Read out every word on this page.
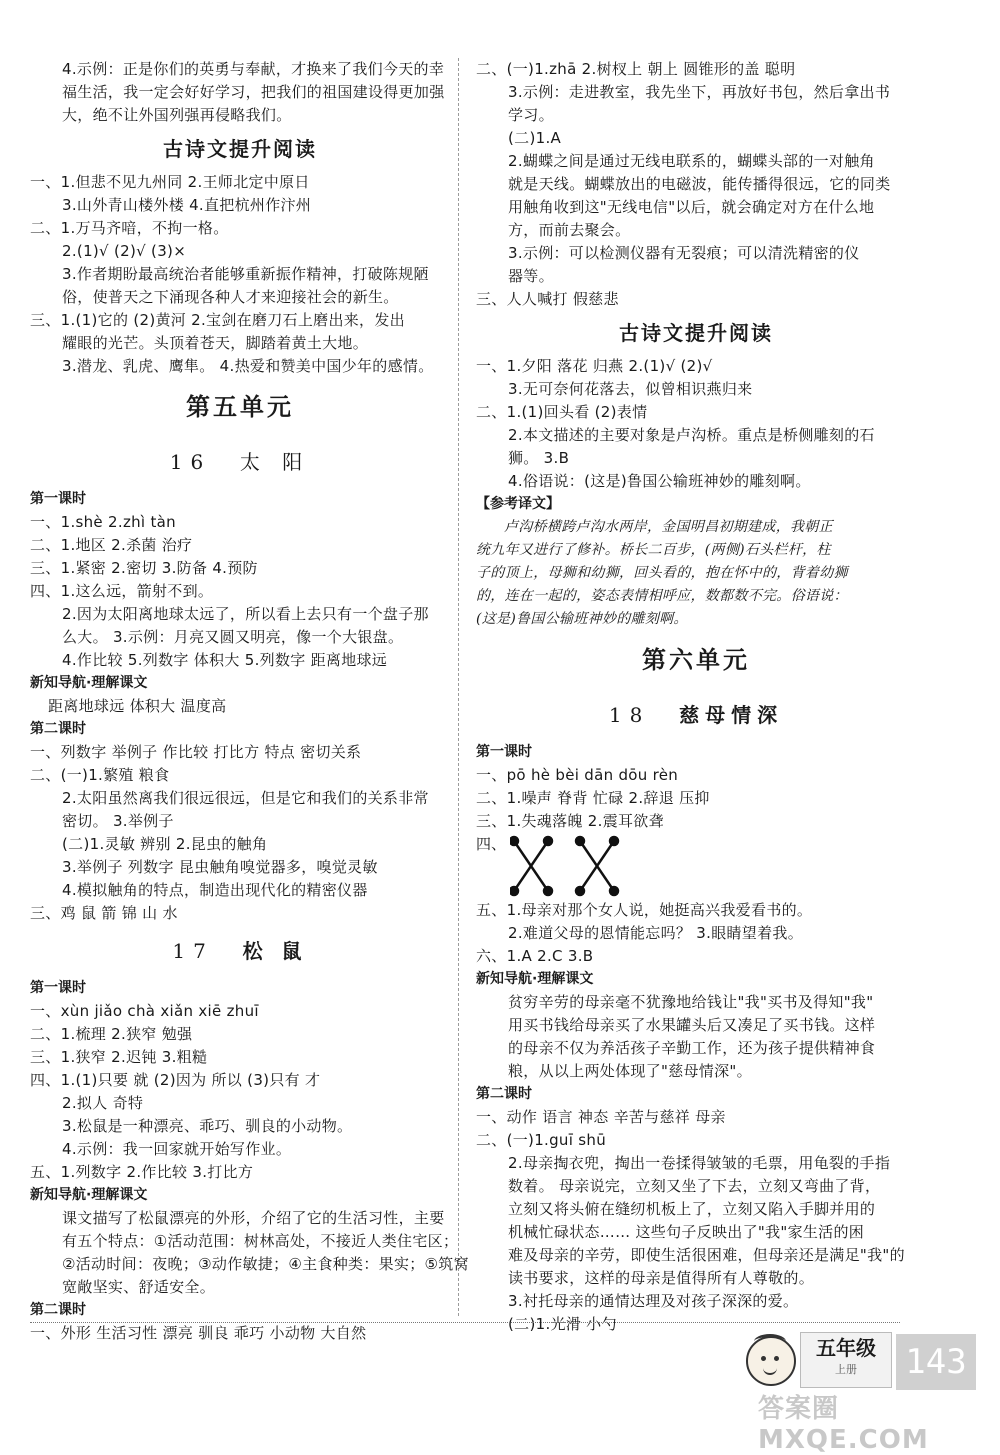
4.示例：正是你们的英勇与奉献，才换来了我们今天的幸
福生活，我一定会好好学习，把我们的祖国建设得更加强
大，绝不让外国列强再侵略我们。
古诗文提升阅读
一、1.但悲不见九州同 2.王师北定中原日
3.山外青山楼外楼 4.直把杭州作汴州
二、1.万马齐喑，不拘一格。
2.(1)√ (2)√ (3)×
3.作者期盼最高统治者能够重新振作精神，打破陈规陋
俗，使普天之下涌现各种人才来迎接社会的新生。
三、1.(1)它的 (2)黄河 2.宝剑在磨刀石上磨出来，发出
耀眼的光芒。头顶着苍天，脚踏着黄土大地。
3.潜龙、乳虎、鹰隼。 4.热爱和赞美中国少年的感情。
第五单元
16 太 阳
第一课时
一、1.shè 2.zhì tàn
二、1.地区 2.杀菌 治疗
三、1.紧密 2.密切 3.防备 4.预防
四、1.这么远，箭射不到。
2.因为太阳离地球太远了，所以看上去只有一个盘子那
么大。 3.示例：月亮又圆又明亮，像一个大银盘。
4.作比较 5.列数字 体积大 5.列数字 距离地球远
新知导航·理解课文
距离地球远 体积大 温度高
第二课时
一、列数字 举例子 作比较 打比方 特点 密切关系
二、(一)1.繁殖 粮食
2.太阳虽然离我们很远很远，但是它和我们的关系非常
密切。 3.举例子
(二)1.灵敏 辨别 2.昆虫的触角
3.举例子 列数字 昆虫触角嗅觉器多，嗅觉灵敏
4.模拟触角的特点，制造出现代化的精密仪器
三、鸡 鼠 箭 锦 山 水
17 松 鼠
第一课时
一、xùn jiǎo chà xiǎn xiē zhuī
二、1.梳理 2.狭窄 勉强
三、1.狭窄 2.迟钝 3.粗糙
四、1.(1)只要 就 (2)因为 所以 (3)只有 才
2.拟人 奇特
3.松鼠是一种漂亮、乖巧、驯良的小动物。
4.示例：我一回家就开始写作业。
五、1.列数字 2.作比较 3.打比方
新知导航·理解课文
课文描写了松鼠漂亮的外形，介绍了它的生活习性，主要
有五个特点：①活动范围：树林高处，不接近人类住宅区；
②活动时间：夜晚；③动作敏捷；④主食种类：果实；⑤筑窝
宽敞坚实、舒适安全。
第二课时
一、外形 生活习性 漂亮 驯良 乖巧 小动物 大自然
二、(一)1.zhā 2.树杈上 朝上 圆锥形的盖 聪明
3.示例：走进教室，我先坐下，再放好书包，然后拿出书
学习。
(二)1.A
2.蝴蝶之间是通过无线电联系的，蝴蝶头部的一对触角
就是天线。蝴蝶放出的电磁波，能传播得很远，它的同类
用触角收到这"无线电信"以后，就会确定对方在什么地
方，而前去聚会。
3.示例：可以检测仪器有无裂痕；可以清洗精密的仪
器等。
三、人人喊打 假慈悲
古诗文提升阅读
一、1.夕阳 落花 归燕 2.(1)√ (2)√
3.无可奈何花落去，似曾相识燕归来
二、1.(1)回头看 (2)表情
2.本文描述的主要对象是卢沟桥。重点是桥侧雕刻的石
狮。 3.B
4.俗语说：(这是)鲁国公输班神妙的雕刻啊。
【参考译文】
卢沟桥横跨卢沟水两岸，金国明昌初期建成，我朝正
统九年又进行了修补。桥长二百步，(两侧)石头栏杆，柱
子的顶上，母狮和幼狮，回头看的，抱在怀中的，背着幼狮
的，连在一起的，姿态表情相呼应，数都数不完。俗语说：
(这是)鲁国公输班神妙的雕刻啊。
第六单元
18 慈母情深
第一课时
一、pō hè bèi dān dōu rèn
二、1.噪声 脊背 忙碌 2.辞退 压抑
三、1.失魂落魄 2.震耳欲聋
四、
五、1.母亲对那个女人说，她挺高兴我爱看书的。
2.难道父母的恩情能忘吗？ 3.眼睛望着我。
六、1.A 2.C 3.B
新知导航·理解课文
贫穷辛劳的母亲毫不犹豫地给钱让"我"买书及得知"我"
用买书钱给母亲买了水果罐头后又凑足了买书钱。这样
的母亲不仅为养活孩子辛勤工作，还为孩子提供精神食
粮，从以上两处体现了"慈母情深"。
第二课时
一、动作 语言 神态 辛苦与慈祥 母亲
二、(一)1.guī shū
2.母亲掏衣兜，掏出一卷揉得皱皱的毛票，用龟裂的手指
数着。 母亲说完，立刻又坐了下去，立刻又弯曲了背，
立刻又将头俯在缝纫机板上了，立刻又陷入手脚并用的
机械忙碌状态…… 这些句子反映出了"我"家生活的困
难及母亲的辛劳，即使生活很困难，但母亲还是满足"我"的
读书要求，这样的母亲是值得所有人尊敬的。
3.衬托母亲的通情达理及对孩子深深的爱。
(二)1.光滑 小勺
五年级
上册	143
答案圈 MXQE.COM
